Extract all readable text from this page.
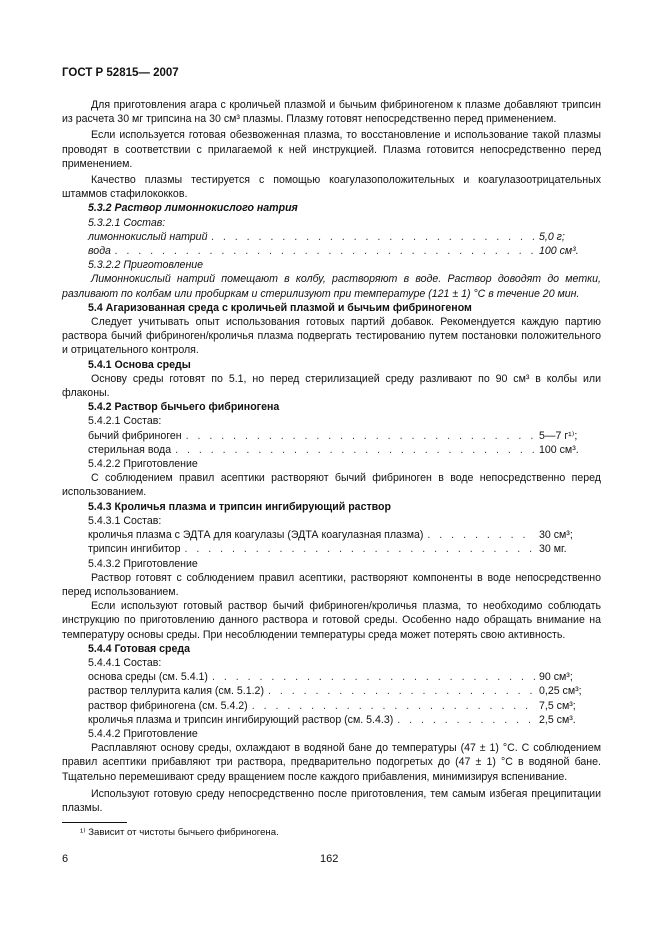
ГОСТ Р 52815— 2007

Для приготовления агара с кроличьей плазмой и бычьим фибриногеном к плазме добавляют трипсин из расчета 30 мг трипсина на 30 см³ плазмы. Плазму готовят непосредственно перед применением.

Если используется готовая обезвоженная плазма, то восстановление и использование такой плазмы проводят в соответствии с прилагаемой к ней инструкцией. Плазма готовится непосредственно перед применением.

Качество плазмы тестируется с помощью коагулазоположительных и коагулазоотрицательных штаммов стафилококков.

5.3.2 Раствор лимоннокислого натрия

5.3.2.1 Состав:

лимоннокислый натрий . . .	5,0 г;
вода . . .	100 см³.

5.3.2.2 Приготовление

Лимоннокислый натрий помещают в колбу, растворяют в воде. Раствор доводят до метки, разливают по колбам или пробиркам и стерилизуют при температуре (121 ± 1) °С в течение 20 мин.

5.4 Агаризованная среда с кроличьей плазмой и бычьим фибриногеном

Следует учитывать опыт использования готовых партий добавок. Рекомендуется каждую партию раствора бычий фибриноген/кроличья плазма подвергать тестированию путем постановки положительного и отрицательного контроля.

5.4.1 Основа среды

Основу среды готовят по 5.1, но перед стерилизацией среду разливают по 90 см³ в колбы или флаконы.

5.4.2 Раствор бычьего фибриногена

5.4.2.1 Состав:

бычий фибриноген . . .	5—7 г¹⁾;
стерильная вода . . .	100 см³.

5.4.2.2 Приготовление

С соблюдением правил асептики растворяют бычий фибриноген в воде непосредственно перед использованием.

5.4.3 Кроличья плазма и трипсин ингибирующий раствор

5.4.3.1 Состав:

кроличья плазма с ЭДТА для коагулазы (ЭДТА коагулазная плазма) . . .	30 см³;
трипсин ингибитор . . .	30 мг.

5.4.3.2 Приготовление

Раствор готовят с соблюдением правил асептики, растворяют компоненты в воде непосредственно перед использованием.

Если используют готовый раствор бычий фибриноген/кроличья плазма, то необходимо соблюдать инструкцию по приготовлению данного раствора и готовой среды. Особенно надо обращать внимание на температуру основы среды. При несоблюдении температуры среда может потерять свою активность.

5.4.4 Готовая среда

5.4.4.1 Состав:

основа среды (см. 5.4.1) . . .	90 см³;
раствор теллурита калия (см. 5.1.2) . . .	0,25 см³;
раствор фибриногена (см. 5.4.2) . . .	7,5 см³;
кроличья плазма и трипсин ингибирующий раствор (см. 5.4.3) . . .	2,5 см³.

5.4.4.2 Приготовление

Расплавляют основу среды, охлаждают в водяной бане до температуры (47 ± 1) °С. С соблюдением правил асептики прибавляют три раствора, предварительно подогретых до (47 ± 1) °С в водяной бане. Тщательно перемешивают среду вращением после каждого прибавления, минимизируя вспенивание.

Используют готовую среду непосредственно после приготовления, тем самым избегая преципитации плазмы.

¹⁾ Зависит от чистоты бычьего фибриногена.
6	162
